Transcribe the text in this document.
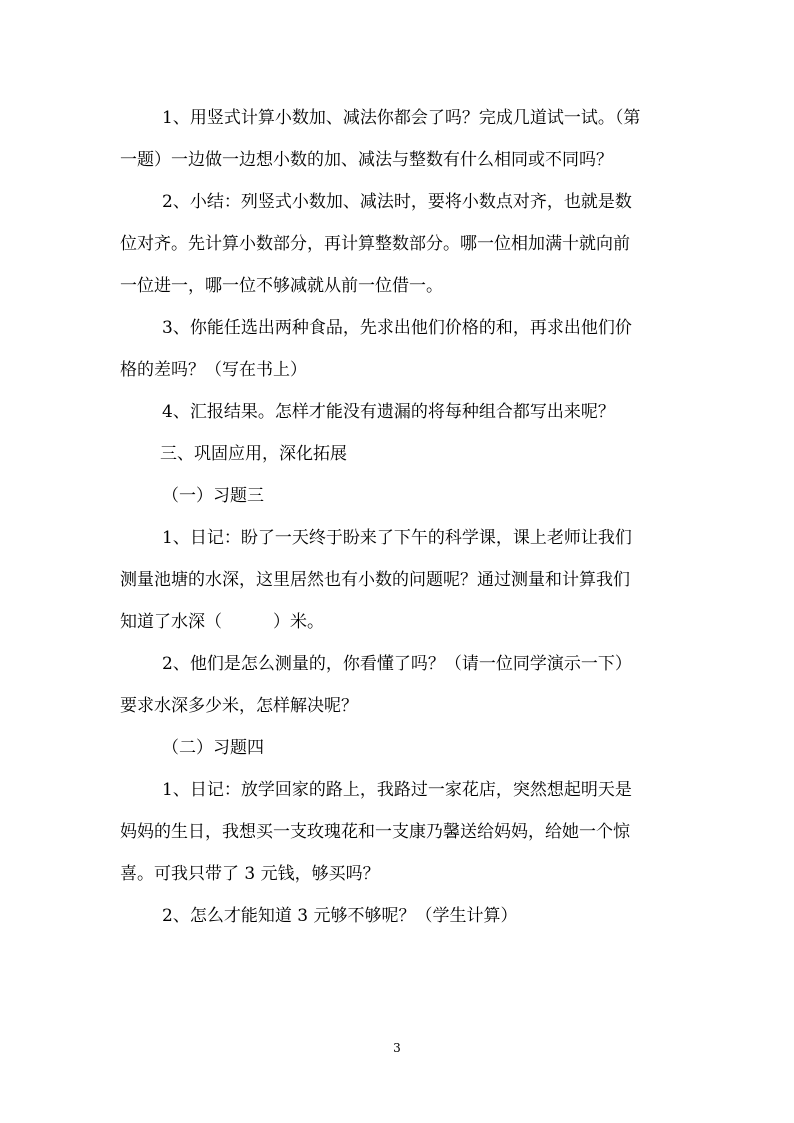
1、用竖式计算小数加、减法你都会了吗？完成几道试一试。（第
一题）一边做一边想小数的加、减法与整数有什么相同或不同吗？
2、小结：列竖式小数加、减法时，要将小数点对齐，也就是数
位对齐。先计算小数部分，再计算整数部分。哪一位相加满十就向前
一位进一，哪一位不够减就从前一位借一。
3、你能任选出两种食品，先求出他们价格的和，再求出他们价
格的差吗？（写在书上）
4、汇报结果。怎样才能没有遗漏的将每种组合都写出来呢？
三、巩固应用，深化拓展
（一）习题三
1、日记：盼了一天终于盼来了下午的科学课，课上老师让我们
测量池塘的水深，这里居然也有小数的问题呢？通过测量和计算我们
知道了水深（　　　）米。
2、他们是怎么测量的，你看懂了吗？（请一位同学演示一下）
要求水深多少米，怎样解决呢？
（二）习题四
1、日记：放学回家的路上，我路过一家花店，突然想起明天是
妈妈的生日，我想买一支玫瑰花和一支康乃馨送给妈妈，给她一个惊
喜。可我只带了 3 元钱，够买吗？
2、怎么才能知道 3 元够不够呢？（学生计算）
3
